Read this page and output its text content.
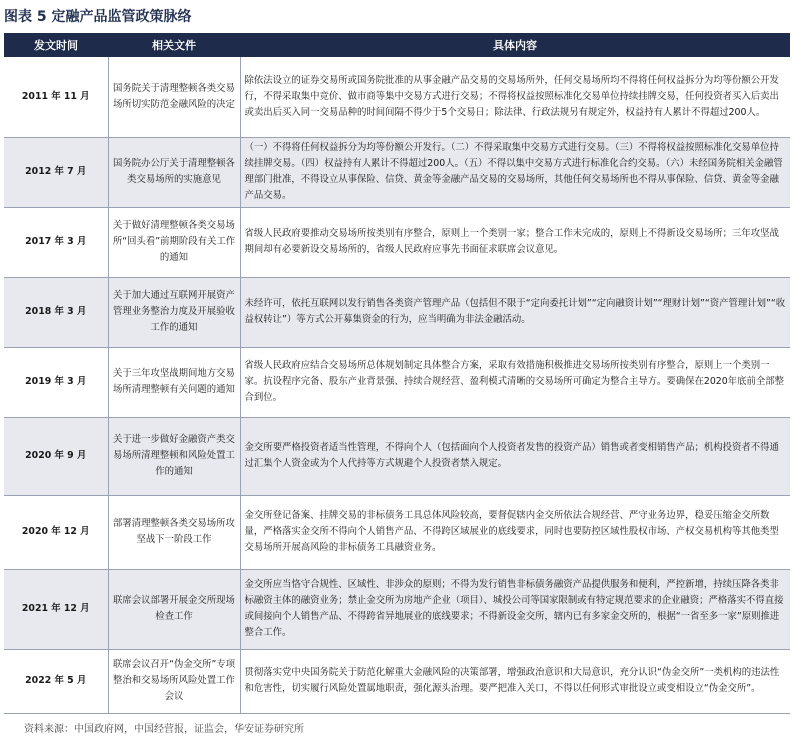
图表 5 定融产品监管政策脉络
发文时间	相关文件	具体内容
2011 年 11 月	国务院关于清理整顿各类交易场所切实防范金融风险的决定	除依法设立的证券交易所或国务院批准的从事金融产品交易的交易场所外，任何交易场所均不得将任何权益拆分为均等份额公开发行，不得采取集中竞价、做市商等集中交易方式进行交易；不得将权益按照标准化交易单位持续挂牌交易，任何投资者买入后卖出或卖出后买入同一交易品种的时间间隔不得少于5个交易日；除法律、行政法规另有规定外，权益持有人累计不得超过200人。
2012 年 7 月	国务院办公厅关于清理整顿各类交易场所的实施意见	（一）不得将任何权益拆分为均等份额公开发行。（二）不得采取集中交易方式进行交易。（三）不得将权益按照标准化交易单位持续挂牌交易。（四）权益持有人累计不得超过200人。（五）不得以集中交易方式进行标准化合约交易。（六）未经国务院相关金融管理部门批准，不得设立从事保险、信贷、黄金等金融产品交易的交易场所，其他任何交易场所也不得从事保险、信贷、黄金等金融产品交易。
2017 年 3 月	关于做好清理整顿各类交易场所“回头看”前期阶段有关工作的通知	省级人民政府要推动交易场所按类别有序整合，原则上一个类别一家；整合工作未完成的，原则上不得新设交易场所；三年攻坚战期间却有必要新设交易场所的，省级人民政府应事先书面征求联席会议意见。
2018 年 3 月	关于加大通过互联网开展资产管理业务整治力度及开展验收工作的通知	未经许可，依托互联网以发行销售各类资产管理产品（包括但不限于“定向委托计划”“定向融资计划”“理财计划”“资产管理计划”“收益权转让”）等方式公开募集资金的行为，应当明确为非法金融活动。
2019 年 3 月	关于三年攻坚战期间地方交易场所清理整顿有关问题的通知	省级人民政府应结合交易场所总体规划制定具体整合方案，采取有效措施积极推进交易场所按类别有序整合，原则上一个类别一家。抗设程序完备、股东产业背景强、持续合规经营、盈利模式清晰的交易场所可确定为整合主导方。要确保在2020年底前全部整合到位。
2020 年 9 月	关于进一步做好金融资产类交易场所清理整顿和风险处置工作的通知	金交所要严格投资者适当性管理，不得向个人（包括面向个人投资者发售的投资产品）销售或者变相销售产品；机构投资者不得通过汇集个人资金或为个人代持等方式规避个人投资者禁入规定。
2020 年 12 月	部署清理整顿各类交易场所攻坚战下一阶段工作	金交所登记备案、挂牌交易的非标债务工具总体风险较高，要督促辖内金交所依法合规经营、严守业务边界，稳妥压缩金交所数量，严格落实金交所不得向个人销售产品、不得跨区域展业的底线要求，同时也要防控区域性股权市场、产权交易机构等其他类型交易场所开展高风险的非标债务工具融资业务。
2021 年 12 月	联席会议部署开展金交所现场检查工作	金交所应当恪守合规性、区域性、非涉众的原则；不得为发行销售非标债务融资产品提供服务和便利，严控新增，持续压降各类非标融资主体的融资业务；禁止金交所为房地产企业（项目）、城投公司等国家限制或有特定规范要求的企业融资；严格落实不得直接或间接向个人销售产品、不得跨省异地展业的底线要求；不得新设金交所，辖内已有多家金交所的，根据“一省至多一家”原则推进整合工作。
2022 年 5 月	联席会议召开“伪金交所”专项整治和交易场所风险处置工作会议	贯彻落实党中央国务院关于防范化解重大金融风险的决策部署，增强政治意识和大局意识，充分认识“伪金交所”一类机构的违法性和危害性，切实履行风险处置属地职责，强化源头治理。要严把准入关口，不得以任何形式审批设立或变相设立“伪金交所”。
资料来源：中国政府网，中国经营报，证监会，华安证券研究所
